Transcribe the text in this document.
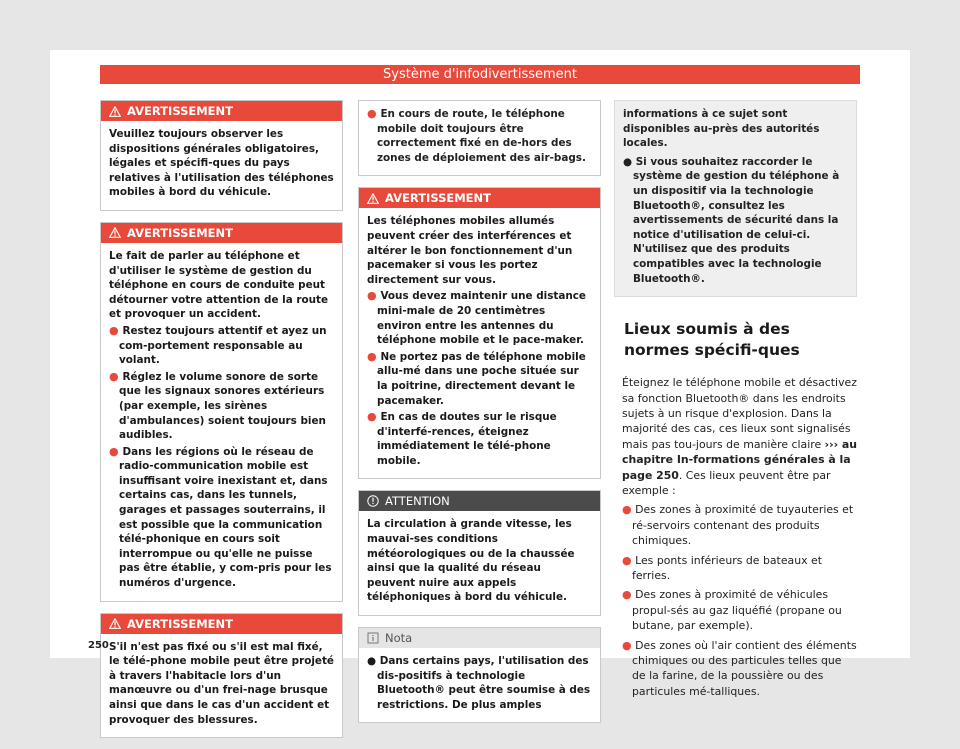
Système d'infodivertissement
AVERTISSEMENT

Veuillez toujours observer les dispositions générales obligatoires, légales et spécifi-ques du pays relatives à l'utilisation des téléphones mobiles à bord du véhicule.

AVERTISSEMENT

Le fait de parler au téléphone et d'utiliser le système de gestion du téléphone en cours de conduite peut détourner votre attention de la route et provoquer un accident.

● Restez toujours attentif et ayez un com-portement responsable au volant.
● Réglez le volume sonore de sorte que les signaux sonores extérieurs (par exemple, les sirènes d'ambulances) soient toujours bien audibles.
● Dans les régions où le réseau de radio-communication mobile est insuffisant voire inexistant et, dans certains cas, dans les tunnels, garages et passages souterrains, il est possible que la communication télé-phonique en cours soit interrompue ou qu'elle ne puisse pas être établie, y com-pris pour les numéros d'urgence.
AVERTISSEMENT

S'il n'est pas fixé ou s'il est mal fixé, le télé-phone mobile peut être projeté à travers l'habitacle lors d'un manœuvre ou d'un frei-nage brusque ainsi que dans le cas d'un accident et provoquer des blessures.

● En cours de route, le téléphone mobile doit toujours être correctement fixé en de-hors des zones de déploiement des air-bags.
AVERTISSEMENT

Les téléphones mobiles allumés peuvent créer des interférences et altérer le bon fonctionnement d'un pacemaker si vous les portez directement sur vous.

● Vous devez maintenir une distance mini-male de 20 centimètres environ entre les antennes du téléphone mobile et le pace-maker.
● Ne portez pas de téléphone mobile allu-mé dans une poche située sur la poitrine, directement devant le pacemaker.
● En cas de doutes sur le risque d'interfé-rences, éteignez immédiatement le télé-phone mobile.
ATTENTION

La circulation à grande vitesse, les mauvai-ses conditions météorologiques ou de la chaussée ainsi que la qualité du réseau peuvent nuire aux appels téléphoniques à bord du véhicule.

Nota
● Dans certains pays, l'utilisation des dis-positifs à technologie Bluetooth® peut être soumise à des restrictions. De plus amples

informations à ce sujet sont disponibles au-près des autorités locales.

● Si vous souhaitez raccorder le système de gestion du téléphone à un dispositif via la technologie Bluetooth®, consultez les avertissements de sécurité dans la notice d'utilisation de celui-ci. N'utilisez que des produits compatibles avec la technologie Bluetooth®.
Lieux soumis à des normes spécifi-ques

Éteignez le téléphone mobile et désactivez sa fonction Bluetooth® dans les endroits sujets à un risque d'explosion. Dans la majorité des cas, ces lieux sont signalisés mais pas tou-jours de manière claire ››› au chapitre In-formations générales à la page 250. Ces lieux peuvent être par exemple :

● Des zones à proximité de tuyauteries et ré-servoirs contenant des produits chimiques.
● Les ponts inférieurs de bateaux et ferries.
● Des zones à proximité de véhicules propul-sés au gaz liquéfié (propane ou butane, par exemple).
● Des zones où l'air contient des éléments chimiques ou des particules telles que de la farine, de la poussière ou des particules mé-talliques.
250
